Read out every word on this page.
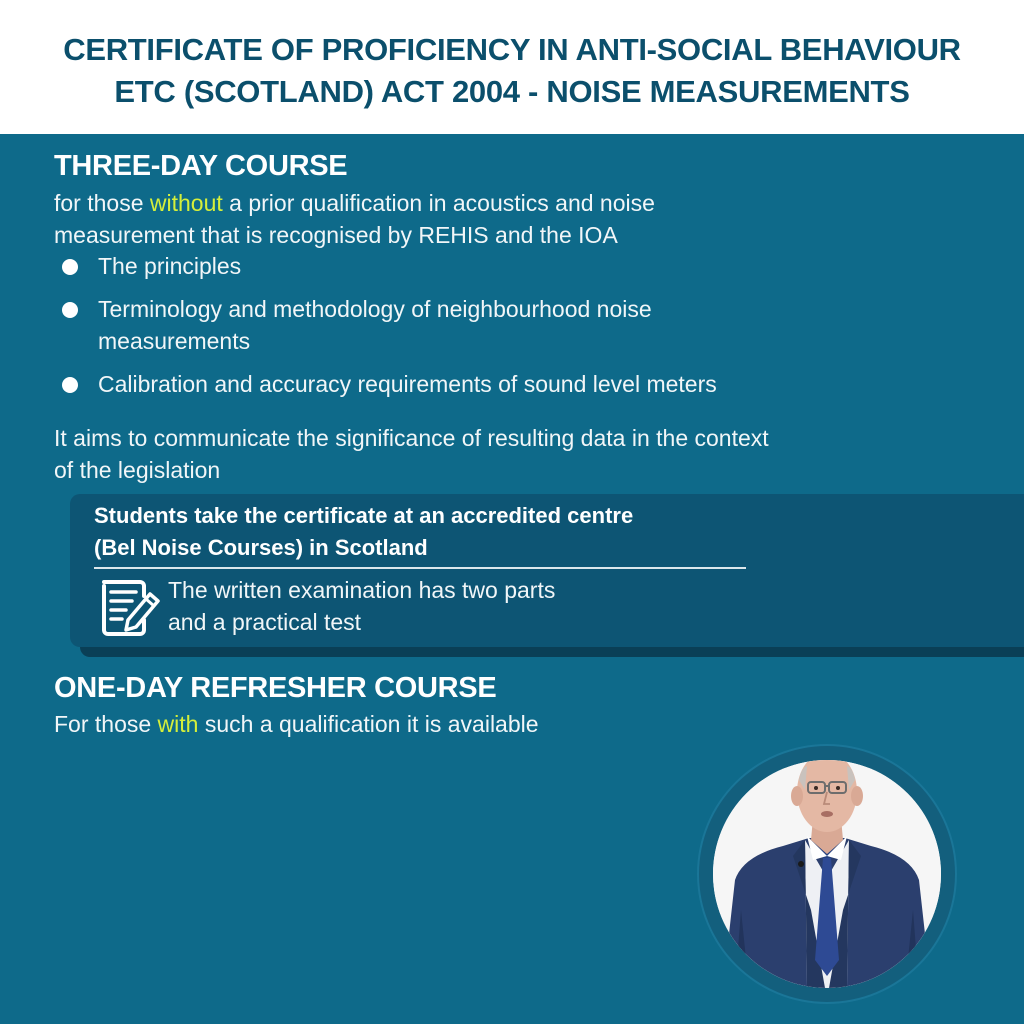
CERTIFICATE OF PROFICIENCY IN ANTI-SOCIAL BEHAVIOUR
ETC (SCOTLAND) ACT 2004 - NOISE MEASUREMENTS
THREE-DAY COURSE
for those without a prior qualification in acoustics and noise
measurement that is recognised by REHIS and the IOA
The principles
Terminology and methodology of neighbourhood noise
measurements
Calibration and accuracy requirements of sound level meters
It aims to communicate the significance of resulting data in the context
of the legislation
Students take the certificate at an accredited centre
(Bel Noise Courses) in Scotland
The written examination has two parts
and a practical test
ONE-DAY REFRESHER COURSE
For those with such a qualification it is available
